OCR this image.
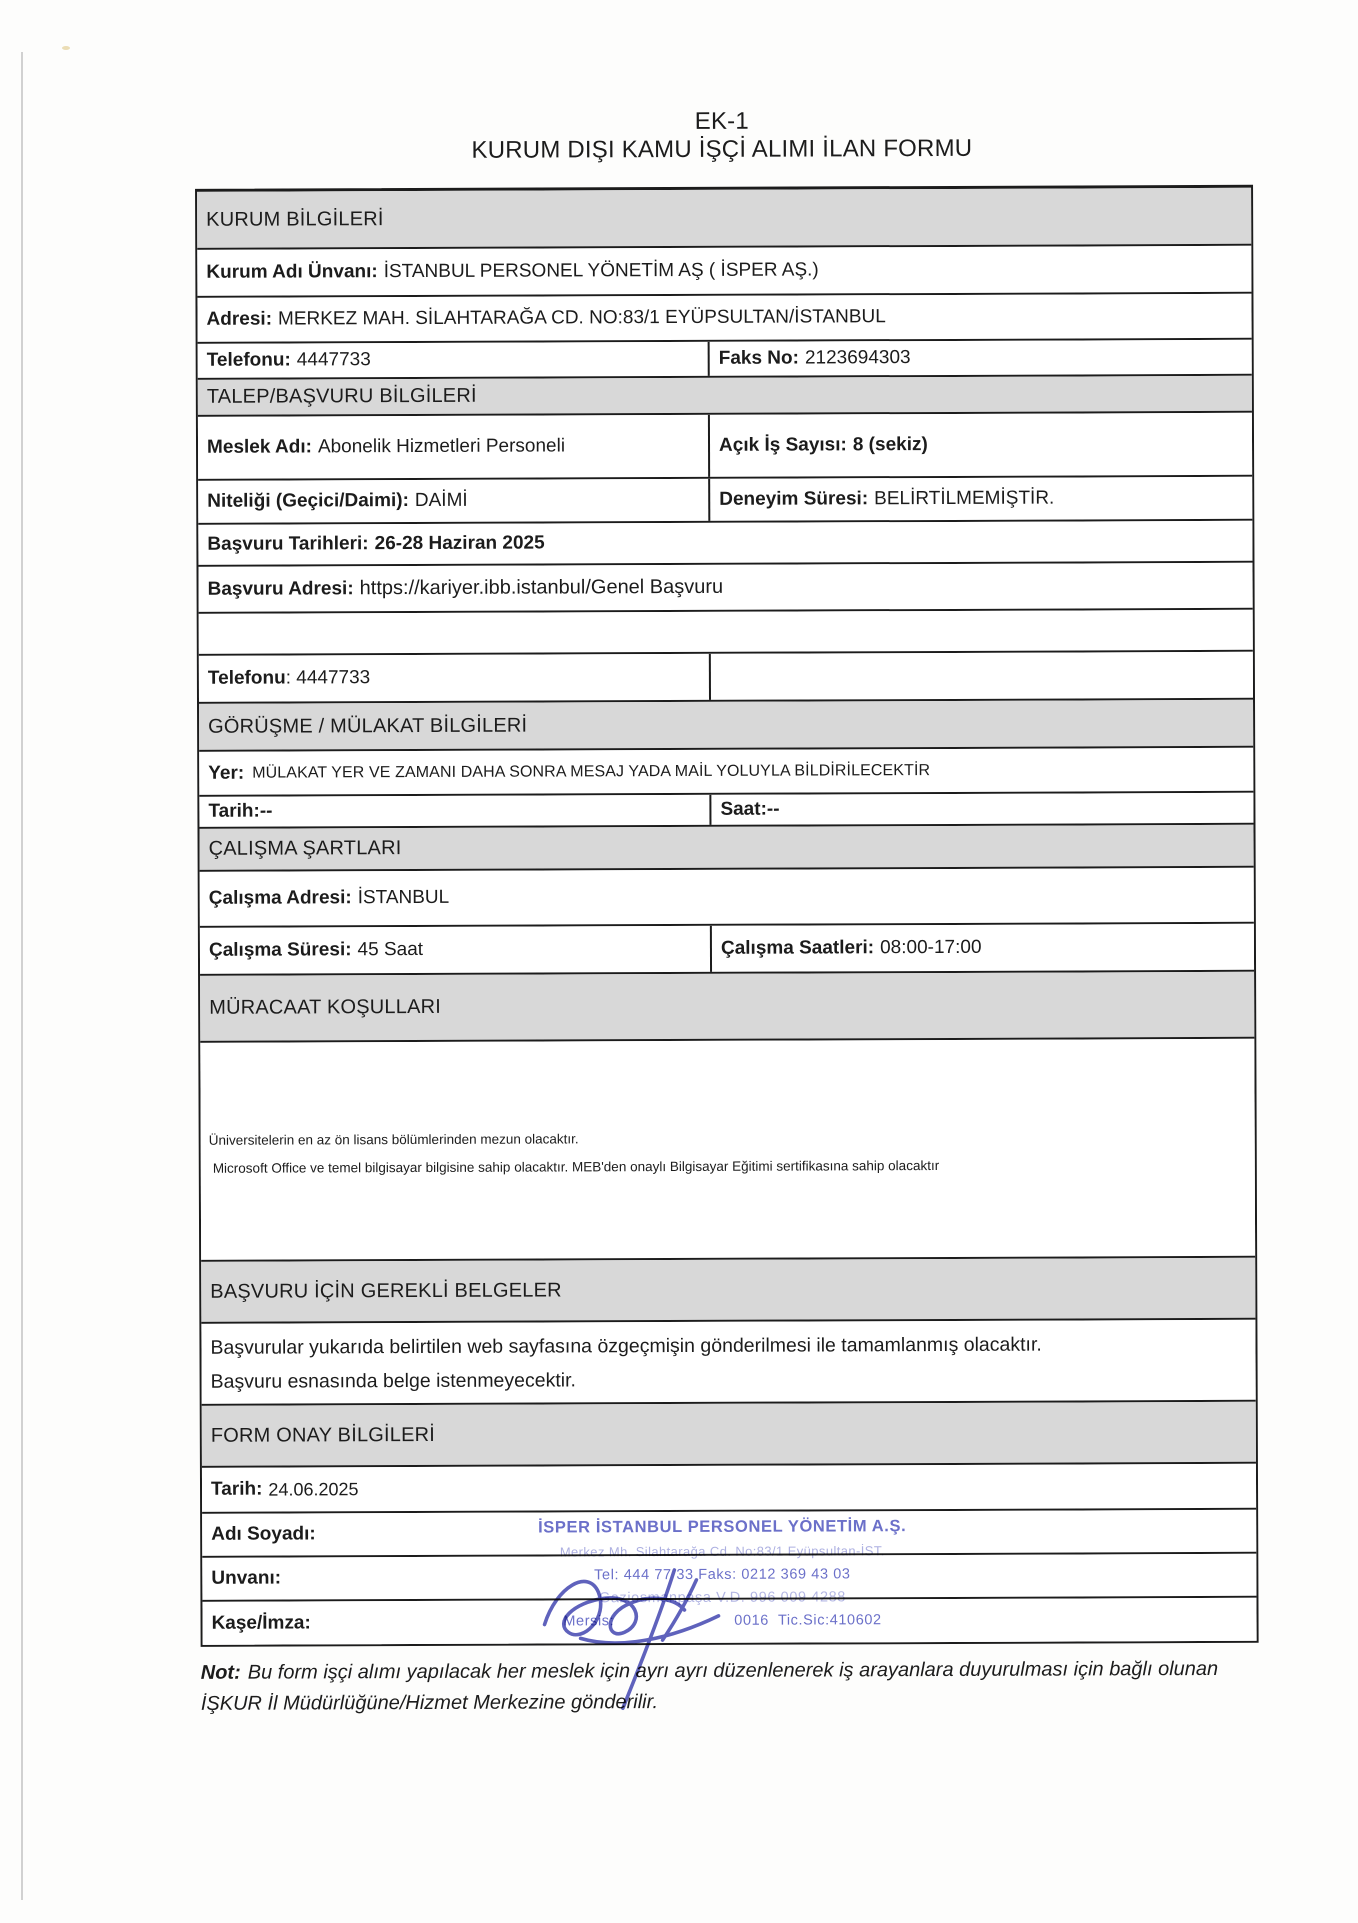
EK-1
KURUM DIŞI KAMU İŞÇİ ALIMI İLAN FORMU
KURUM BİLGİLERİ
Kurum Adı Ünvanı: İSTANBUL PERSONEL YÖNETİM AŞ ( İSPER AŞ.)
Adresi: MERKEZ MAH. SİLAHTARAĞA CD. NO:83/1 EYÜPSULTAN/İSTANBUL
Telefonu: 4447733	Faks No: 2123694303
TALEP/BAŞVURU BİLGİLERİ
Meslek Adı: Abonelik Hizmetleri Personeli	Açık İş Sayısı: 8 (sekiz)
Niteliği (Geçici/Daimi): DAİMİ	Deneyim Süresi: BELİRTİLMEMİŞTİR.
Başvuru Tarihleri: 26-28 Haziran 2025
Başvuru Adresi: https://kariyer.ibb.istanbul/Genel Başvuru
Telefonu : 4447733
GÖRÜŞME / MÜLAKAT BİLGİLERİ
Yer: MÜLAKAT YER VE ZAMANI DAHA SONRA MESAJ YADA MAİL YOLUYLA BİLDİRİLECEKTİR
Tarih: --	Saat: --
ÇALIŞMA ŞARTLARI
Çalışma Adresi: İSTANBUL
Çalışma Süresi: 45 Saat	Çalışma Saatleri: 08:00-17:00
MÜRACAAT KOŞULLARI
Üniversitelerin en az ön lisans bölümlerinden mezun olacaktır.
Microsoft Office ve temel bilgisayar bilgisine sahip olacaktır. MEB'den onaylı Bilgisayar Eğitimi sertifikasına sahip olacaktır
BAŞVURU İÇİN GEREKLİ BELGELER
Başvurular yukarıda belirtilen web sayfasına özgeçmişin gönderilmesi ile tamamlanmış olacaktır.
Başvuru esnasında belge istenmeyecektir.
FORM ONAY BİLGİLERİ
Tarih: 24.06.2025
Adı Soyadı:
Unvanı:
Kaşe/İmza:
İSPER İSTANBUL PERSONEL YÖNETİM A.Ş.
Merkez Mh. Silahtarağa Cd. No:83/1 Eyüpsultan-İST.
Tel: 444 77 33 Faks: 0212 369 43 03
Gaziosmanpaşa V.D. 996 009 4288
Mersis:	0016  Tic.Sic:410602
Not: Bu form işçi alımı yapılacak her meslek için ayrı ayrı düzenlenerek iş arayanlara duyurulması için bağlı olunan İŞKUR İl Müdürlüğüne/Hizmet Merkezine gönderilir.
